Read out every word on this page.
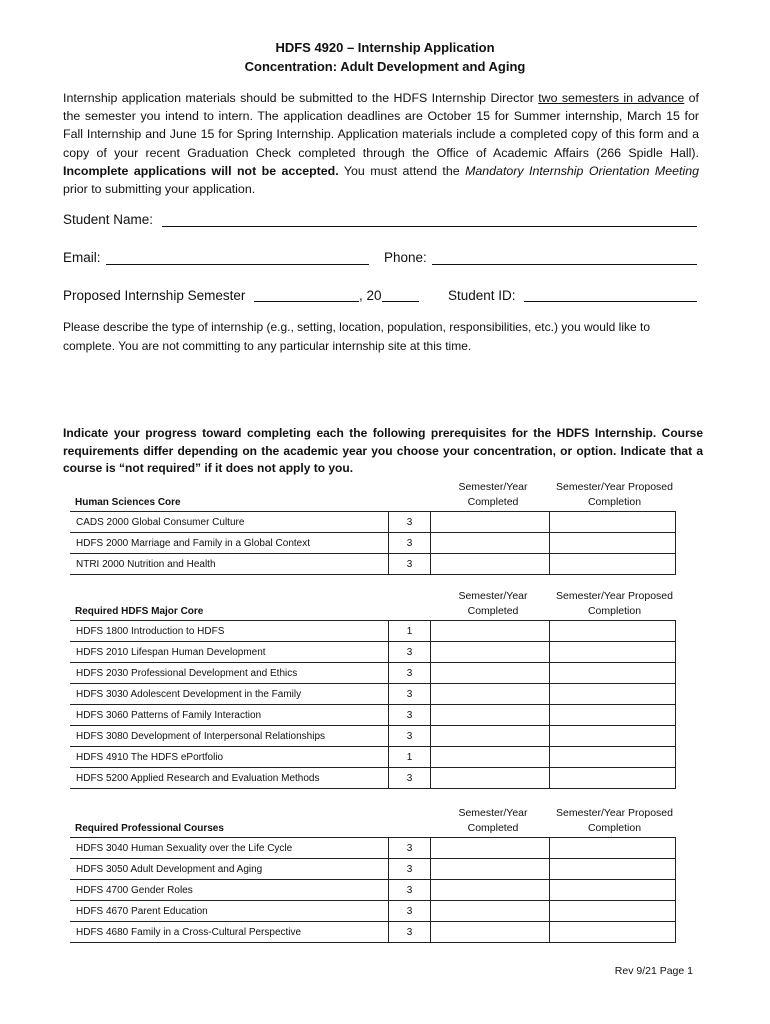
HDFS 4920 – Internship Application
Concentration: Adult Development and Aging
Internship application materials should be submitted to the HDFS Internship Director two semesters in advance of the semester you intend to intern. The application deadlines are October 15 for Summer internship, March 15 for Fall Internship and June 15 for Spring Internship. Application materials include a completed copy of this form and a copy of your recent Graduation Check completed through the Office of Academic Affairs (266 Spidle Hall). Incomplete applications will not be accepted. You must attend the Mandatory Internship Orientation Meeting prior to submitting your application.
Student Name:
Email:	Phone:
Proposed Internship Semester	, 20	Student ID:
Please describe the type of internship (e.g., setting, location, population, responsibilities, etc.) you would like to complete. You are not committing to any particular internship site at this time.
Indicate your progress toward completing each the following prerequisites for the HDFS Internship. Course requirements differ depending on the academic year you choose your concentration, or option. Indicate that a course is “not required” if it does not apply to you.
Semester/Year Completed
Semester/Year Proposed Completion
Human Sciences Core
CADS 2000 Global Consumer Culture	3		
HDFS 2000 Marriage and Family in a Global Context	3		
NTRI 2000 Nutrition and Health	3		
Semester/Year Completed
Semester/Year Proposed Completion
Required HDFS Major Core
HDFS 1800 Introduction to HDFS	1		
HDFS 2010 Lifespan Human Development	3		
HDFS 2030 Professional Development and Ethics	3		
HDFS 3030 Adolescent Development in the Family	3		
HDFS 3060 Patterns of Family Interaction	3		
HDFS 3080 Development of Interpersonal Relationships	3		
HDFS 4910 The HDFS ePortfolio	1		
HDFS 5200 Applied Research and Evaluation Methods	3		
Semester/Year Completed
Semester/Year Proposed Completion
Required Professional Courses
HDFS 3040 Human Sexuality over the Life Cycle	3		
HDFS 3050 Adult Development and Aging	3		
HDFS 4700 Gender Roles	3		
HDFS 4670 Parent Education	3		
HDFS 4680 Family in a Cross-Cultural Perspective	3		
Rev 9/21 Page 1
